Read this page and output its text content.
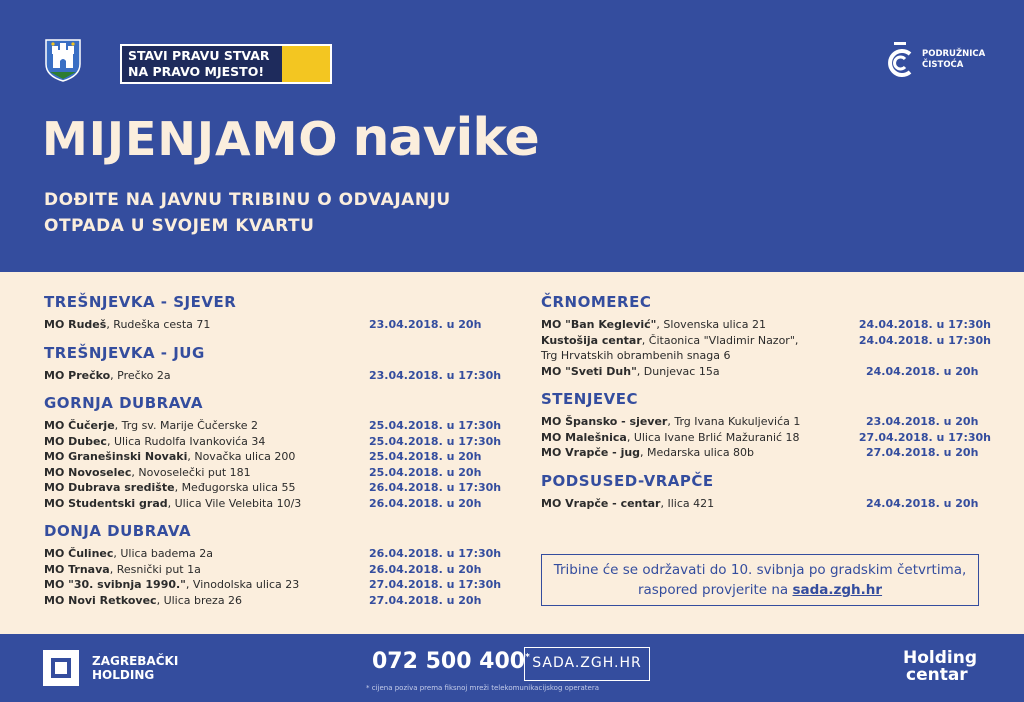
STAVI PRAVU STVAR
NA PRAVO MJESTO!
PODRUŽNICA
ČISTOĆA
MIJENJAMO navike
DOĐITE NA JAVNU TRIBINU O ODVAJANJU
OTPADA U SVOJEM KVARTU
TREŠNJEVKA - SJEVER
MO Rudeš, Rudeška cesta 71	23.04.2018. u 20h
TREŠNJEVKA - JUG
MO Prečko, Prečko 2a	23.04.2018. u 17:30h
GORNJA DUBRAVA
MO Čučerje, Trg sv. Marije Čučerske 2	25.04.2018. u 17:30h
MO Dubec, Ulica Rudolfa Ivankovića 34	25.04.2018. u 17:30h
MO Granešinski Novaki, Novačka ulica 200	25.04.2018. u 20h
MO Novoselec, Novoselečki put 181	25.04.2018. u 20h
MO Dubrava središte, Međugorska ulica 55	26.04.2018. u 17:30h
MO Studentski grad, Ulica Vile Velebita 10/3	26.04.2018. u 20h
DONJA DUBRAVA
MO Čulinec, Ulica badema 2a	26.04.2018. u 17:30h
MO Trnava, Resnički put 1a	26.04.2018. u 20h
MO "30. svibnja 1990.", Vinodolska ulica 23	27.04.2018. u 17:30h
MO Novi Retkovec, Ulica breza 26	27.04.2018. u 20h
ČRNOMEREC
MO "Ban Keglević", Slovenska ulica 21	24.04.2018. u 17:30h
Kustošija centar, Čitaonica "Vladimir Nazor",	24.04.2018. u 17:30h
Trg Hrvatskih obrambenih snaga 6
MO "Sveti Duh", Dunjevac 15a	24.04.2018. u 20h
STENJEVEC
MO Špansko - sjever, Trg Ivana Kukuljevića 1	23.04.2018. u 20h
MO Malešnica, Ulica Ivane Brlić Mažuranić 18	27.04.2018. u 17:30h
MO Vrapče - jug, Medarska ulica 80b	27.04.2018. u 20h
PODSUSED-VRAPČE
MO Vrapče - centar, Ilica 421	24.04.2018. u 20h
Tribine će se održavati do 10. svibnja po gradskim četvrtima,
raspored provjerite na sada.zgh.hr
ZAGREBAČKI
HOLDING
072 500 400* SADA.ZGH.HR
* cijena poziva prema fiksnoj mreži telekomunikacijskog operatera
Holding
centar
